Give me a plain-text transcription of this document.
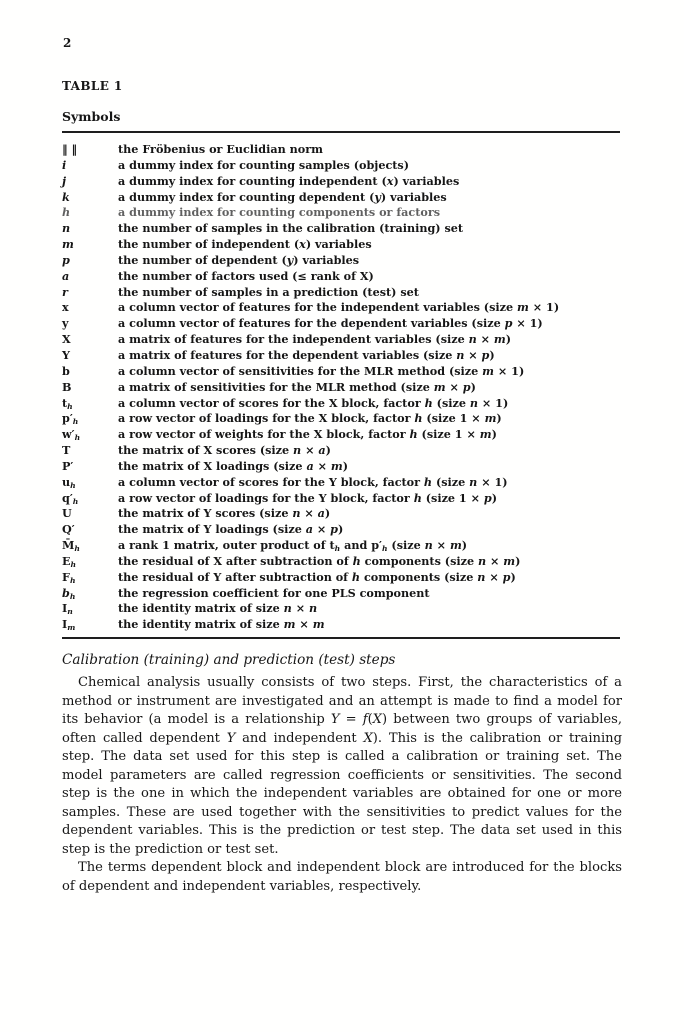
2
TABLE 1
Symbols
‖ ‖	the Fröbenius or Euclidian norm
i	a dummy index for counting samples (objects)
j	a dummy index for counting independent (x) variables
k	a dummy index for counting dependent (y) variables
h	a dummy index for counting components or factors
n	the number of samples in the calibration (training) set
m	the number of independent (x) variables
p	the number of dependent (y) variables
a	the number of factors used (≤ rank of X)
r	the number of samples in a prediction (test) set
x	a column vector of features for the independent variables (size m × 1)
y	a column vector of features for the dependent variables (size p × 1)
X	a matrix of features for the independent variables (size n × m)
Y	a matrix of features for the dependent variables (size n × p)
b	a column vector of sensitivities for the MLR method (size m × 1)
B	a matrix of sensitivities for the MLR method (size m × p)
$t_h$	a column vector of scores for the X block, factor h (size n × 1)
$p'_h$	a row vector of loadings for the X block, factor h (size 1 × m)
$w'_h$	a row vector of weights for the X block, factor h (size 1 × m)
T	the matrix of X scores (size n × a)
P′	the matrix of X loadings (size a × m)
$u_h$	a column vector of scores for the Y block, factor h (size n × 1)
$q'_h$	a row vector of loadings for the Y block, factor h (size 1 × p)
U	the matrix of Y scores (size n × a)
Q′	the matrix of Y loadings (size a × p)
$M̄_h$	a rank 1 matrix, outer product of $t_h$ and $p'_h$ (size n × m)
$E_h$	the residual of X after subtraction of h components (size n × m)
$F_h$	the residual of Y after subtraction of h components (size n × p)
$b_h$	the regression coefficient for one PLS component
$I_n$	the identity matrix of size n × n
$I_m$	the identity matrix of size m × m
Calibration (training) and prediction (test) steps

Chemical analysis usually consists of two steps. First, the characteristics of a method or instrument are investigated and an attempt is made to find a model for its behavior (a model is a relationship Y = f(X) between two groups of variables, often called dependent Y and independent X). This is the calibration or training step. The data set used for this step is called a calibration or training set. The model parameters are called regression coefficients or sensitivities. The second step is the one in which the independent variables are obtained for one or more samples. These are used together with the sensitivities to predict values for the dependent variables. This is the prediction or test step. The data set used in this step is the prediction or test set.

The terms dependent block and independent block are introduced for the blocks of dependent and independent variables, respectively.
